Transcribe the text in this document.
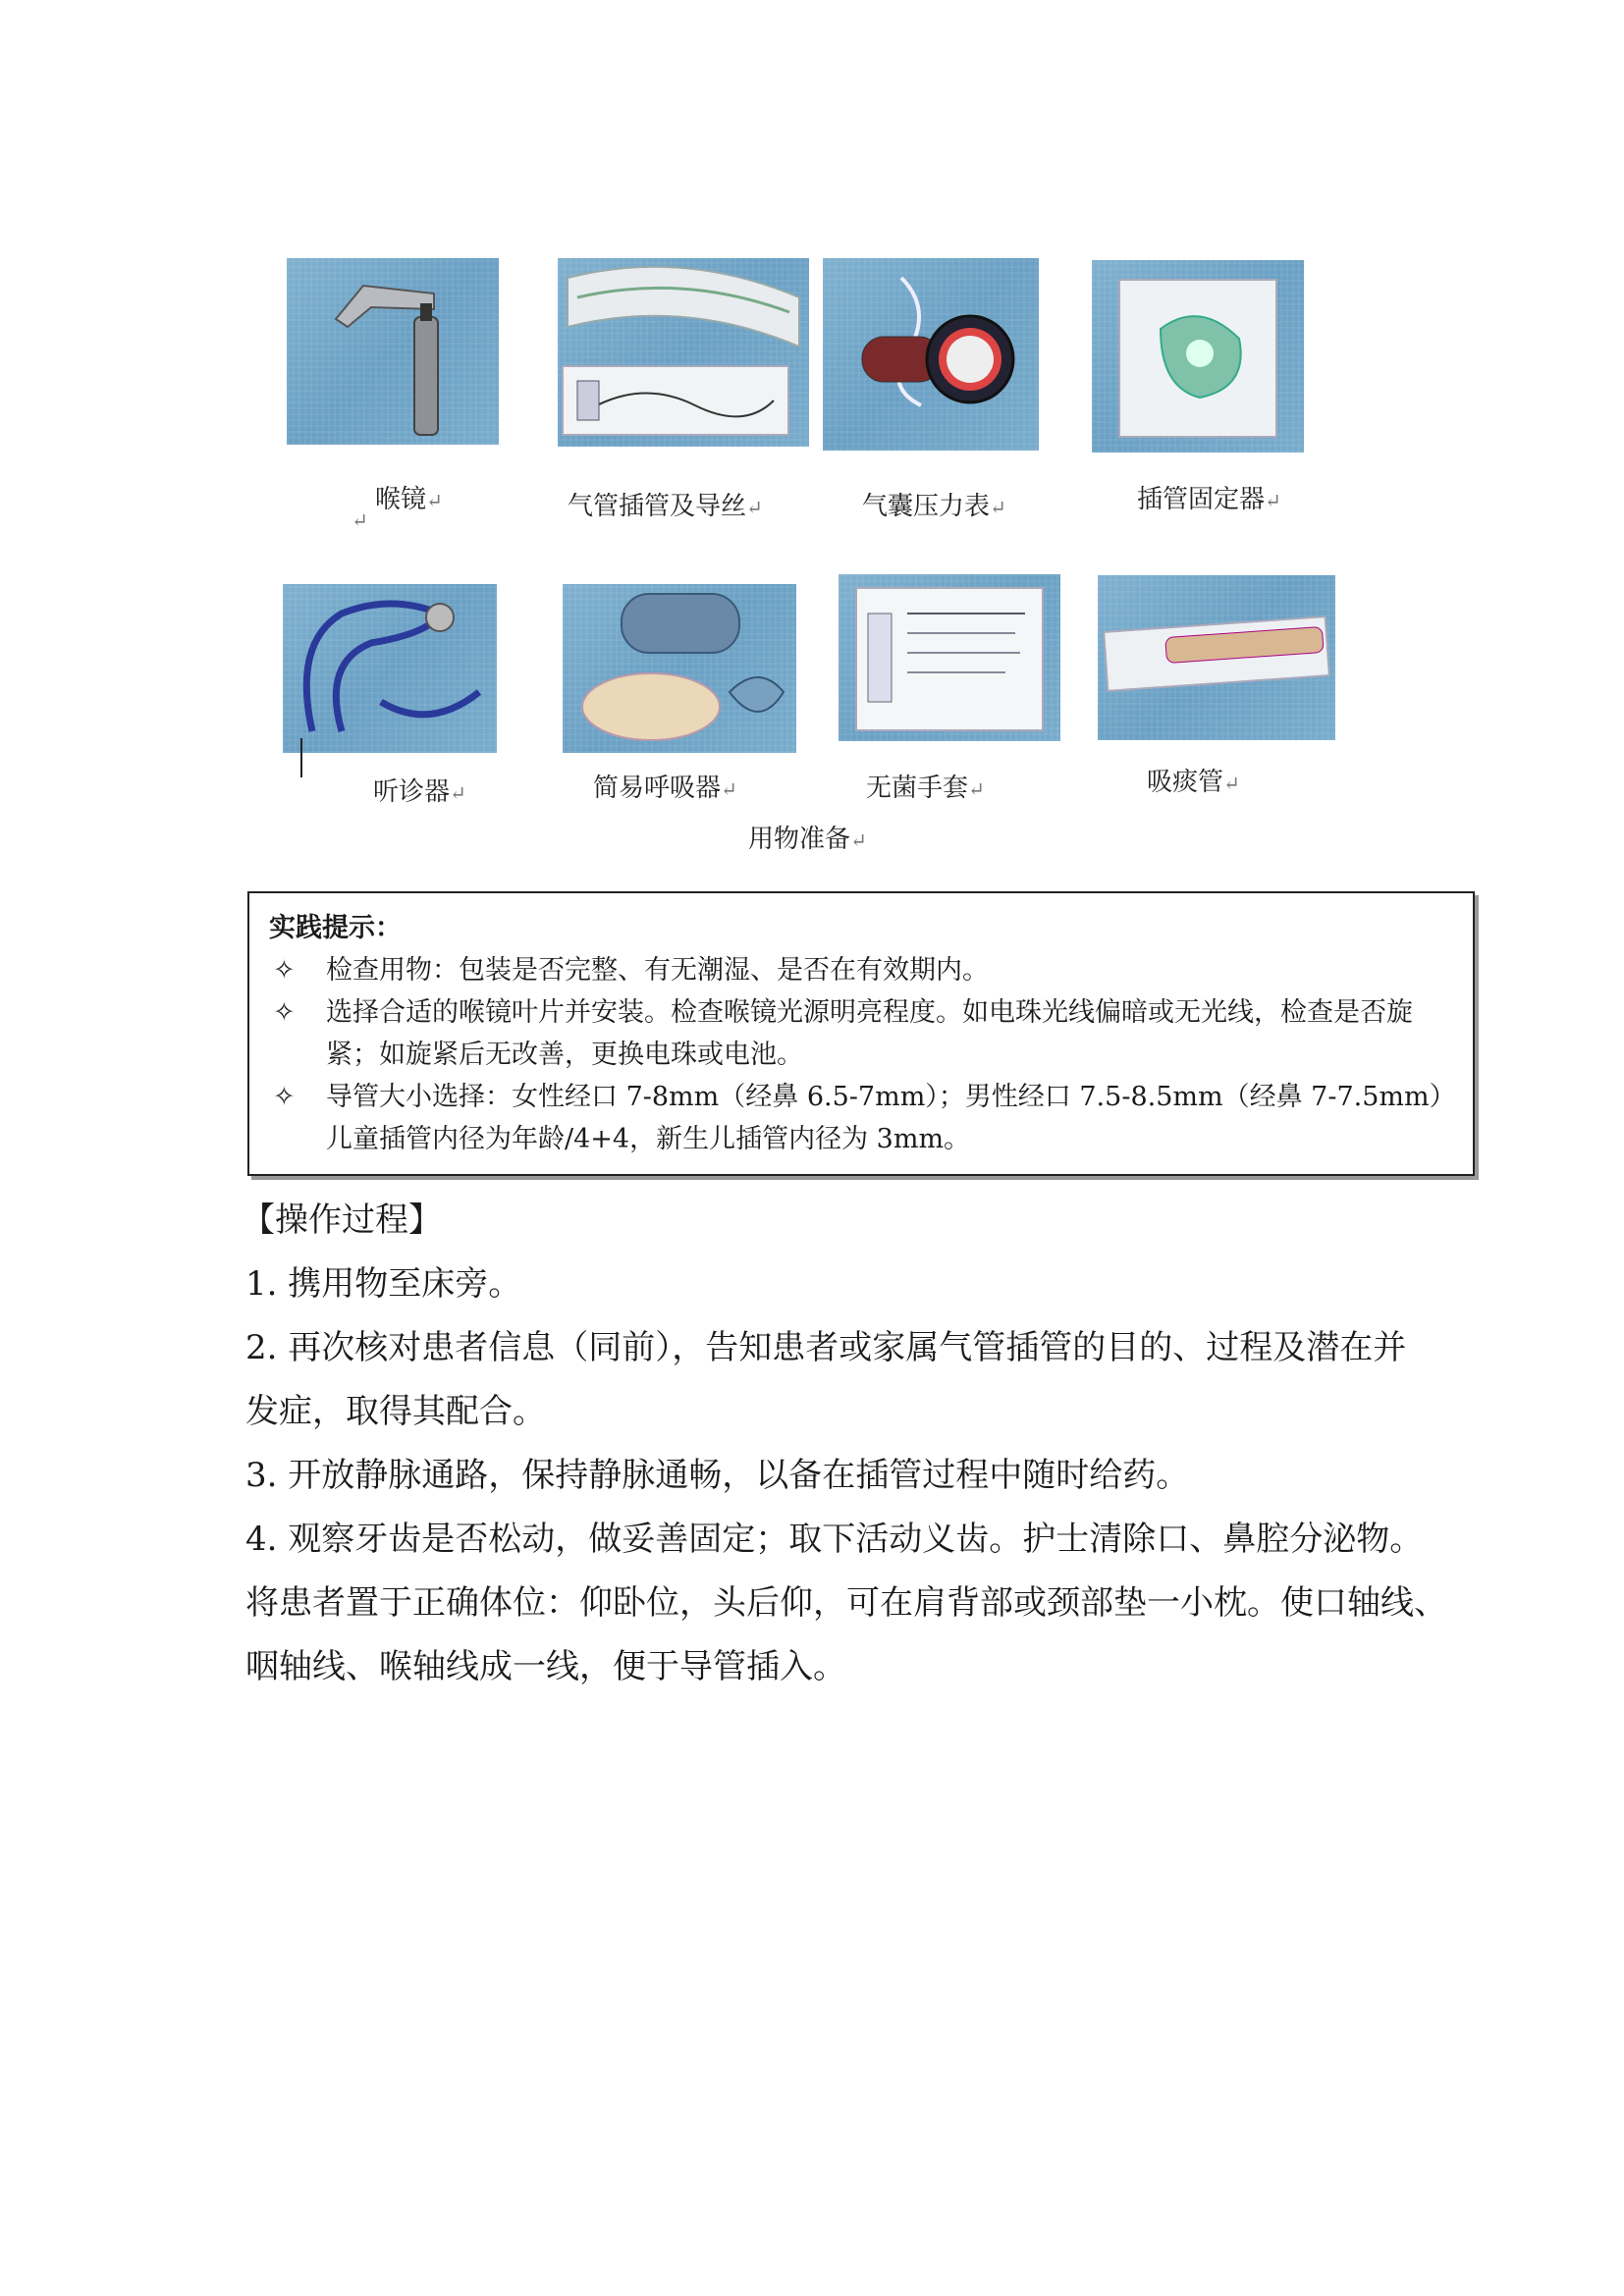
喉镜↵
↵	气管插管及导丝↵	气囊压力表↵	插管固定器↵
听诊器↵	简易呼吸器↵	无菌手套↵	吸痰管↵
用物准备↵
实践提示：
✧ 检查用物：包装是否完整、有无潮湿、是否在有效期内。
✧ 选择合适的喉镜叶片并安装。检查喉镜光源明亮程度。如电珠光线偏暗或无光线，检查是否旋紧；如旋紧后无改善，更换电珠或电池。
✧ 导管大小选择：女性经口 7-8mm（经鼻 6.5-7mm）；男性经口 7.5-8.5mm（经鼻 7-7.5mm）儿童插管内径为年龄/4+4，新生儿插管内径为 3mm。
【操作过程】
1. 携用物至床旁。
2. 再次核对患者信息（同前），告知患者或家属气管插管的目的、过程及潜在并
发症，取得其配合。
3. 开放静脉通路，保持静脉通畅，以备在插管过程中随时给药。
4. 观察牙齿是否松动，做妥善固定；取下活动义齿。护士清除口、鼻腔分泌物。
将患者置于正确体位：仰卧位，头后仰，可在肩背部或颈部垫一小枕。使口轴线、
咽轴线、喉轴线成一线，便于导管插入。
